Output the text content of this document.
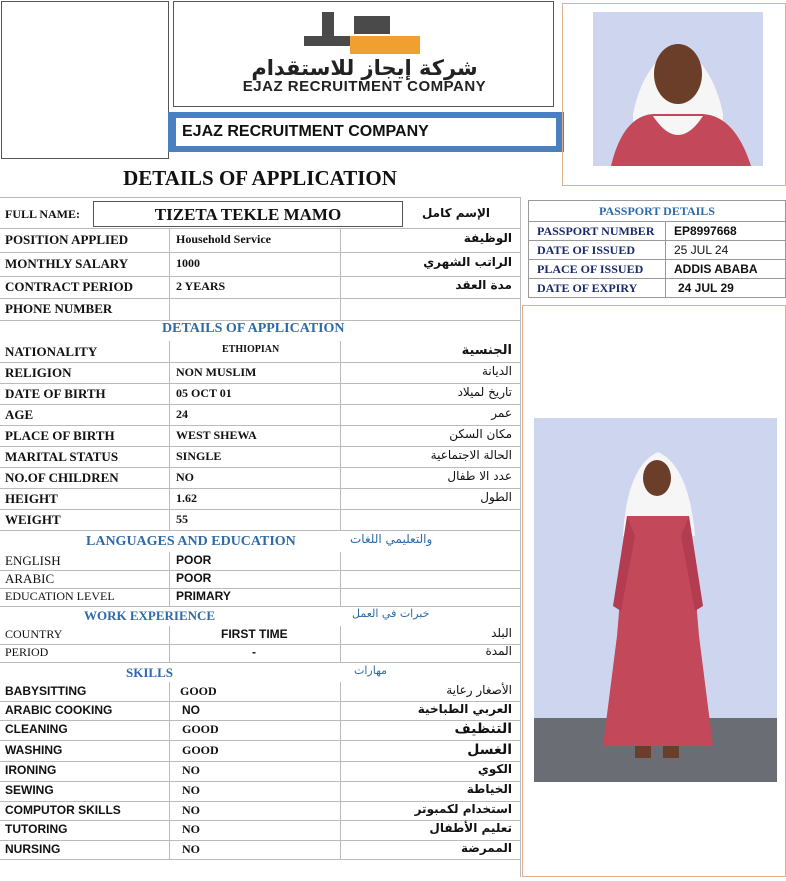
شركة إيجاز للاستقدام
EJAZ RECRUITMENT COMPANY
EJAZ RECRUITMENT COMPANY
DETAILS OF APPLICATION
FULL NAME:	TIZETA TEKLE MAMO	الإسم كامل
POSITION APPLIED	Household Service	الوظيفة
MONTHLY SALARY	1000	الراتب الشهري
CONTRACT PERIOD	2 YEARS	مدة العقد
PHONE NUMBER
NATIONALITY	ETHIOPIAN	الجنسية
RELIGION	NON MUSLIM	الديانة
DATE OF BIRTH	05 OCT 01	تاريخ لميلاد
AGE	24	عمر
PLACE OF BIRTH	WEST SHEWA	مكان السكن
MARITAL STATUS	SINGLE	الحالة الاجتماعية
NO.OF CHILDREN	NO	عدد الا طفال
HEIGHT	1.62	الطول
WEIGHT	55
ENGLISH	POOR
ARABIC	POOR
EDUCATION LEVEL	PRIMARY
COUNTRY	FIRST TIME	البلد
PERIOD	-	المدة
BABYSITTING	GOOD	الأصغار رعاية
ARABIC COOKING	NO	العربي الطباخية
CLEANING	GOOD	التنظيف
WASHING	GOOD	الغسل
IRONING	NO	الكوي
SEWING	NO	الخياطة
COMPUTOR SKILLS	NO	استخدام لكمبوتر
TUTORING	NO	تعليم الأطفال
NURSING	NO	الممرضة
DETAILS OF APPLICATION
LANGUAGES AND EDUCATION	والتعليمي اللغات
WORK EXPERIENCE	خبرات في العمل
SKILLS	مهارات
PASSPORT DETAILS
PASSPORT NUMBER	EP8997668
DATE OF ISSUED	25 JUL 24
PLACE OF ISSUED	ADDIS ABABA
DATE OF EXPIRY	24 JUL 29
